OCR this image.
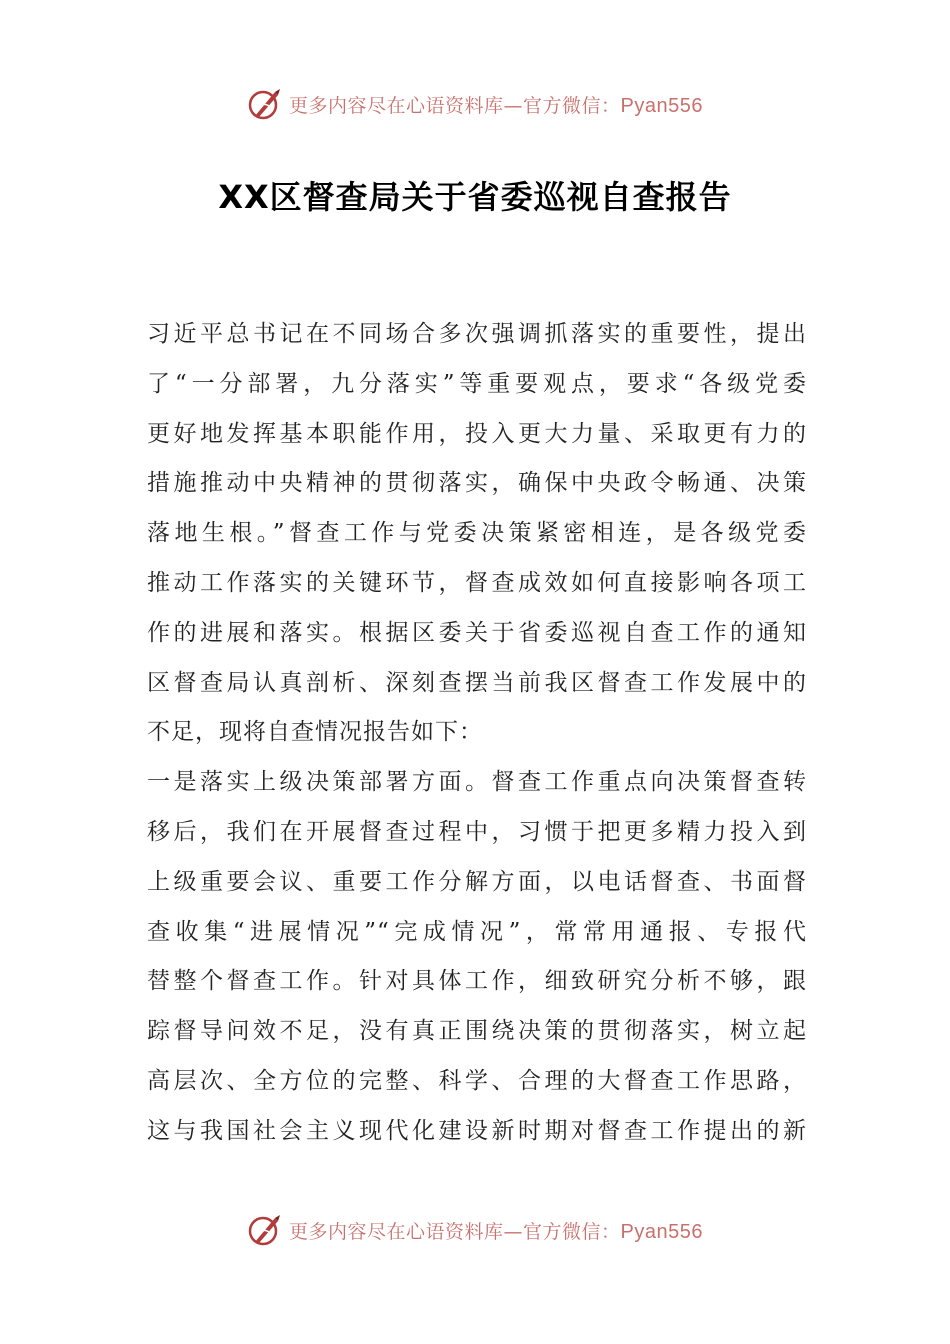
更多内容尽在心语资料库—官方微信：Pyan556
XX区督查局关于省委巡视自查报告
习近平总书记在不同场合多次强调抓落实的重要性，提出
了“一分部署，九分落实”等重要观点，要求“各级党委
更好地发挥基本职能作用，投入更大力量、采取更有力的
措施推动中央精神的贯彻落实，确保中央政令畅通、决策
落地生根。”督查工作与党委决策紧密相连，是各级党委
推动工作落实的关键环节，督查成效如何直接影响各项工
作的进展和落实。根据区委关于省委巡视自查工作的通知
区督查局认真剖析、深刻查摆当前我区督查工作发展中的
不足，现将自查情况报告如下：
一是落实上级决策部署方面。督查工作重点向决策督查转
移后，我们在开展督查过程中，习惯于把更多精力投入到
上级重要会议、重要工作分解方面，以电话督查、书面督
查收集“进展情况”“完成情况”，常常用通报、专报代
替整个督查工作。针对具体工作，细致研究分析不够，跟
踪督导问效不足，没有真正围绕决策的贯彻落实，树立起
高层次、全方位的完整、科学、合理的大督查工作思路，
这与我国社会主义现代化建设新时期对督查工作提出的新
更多内容尽在心语资料库—官方微信：Pyan556
